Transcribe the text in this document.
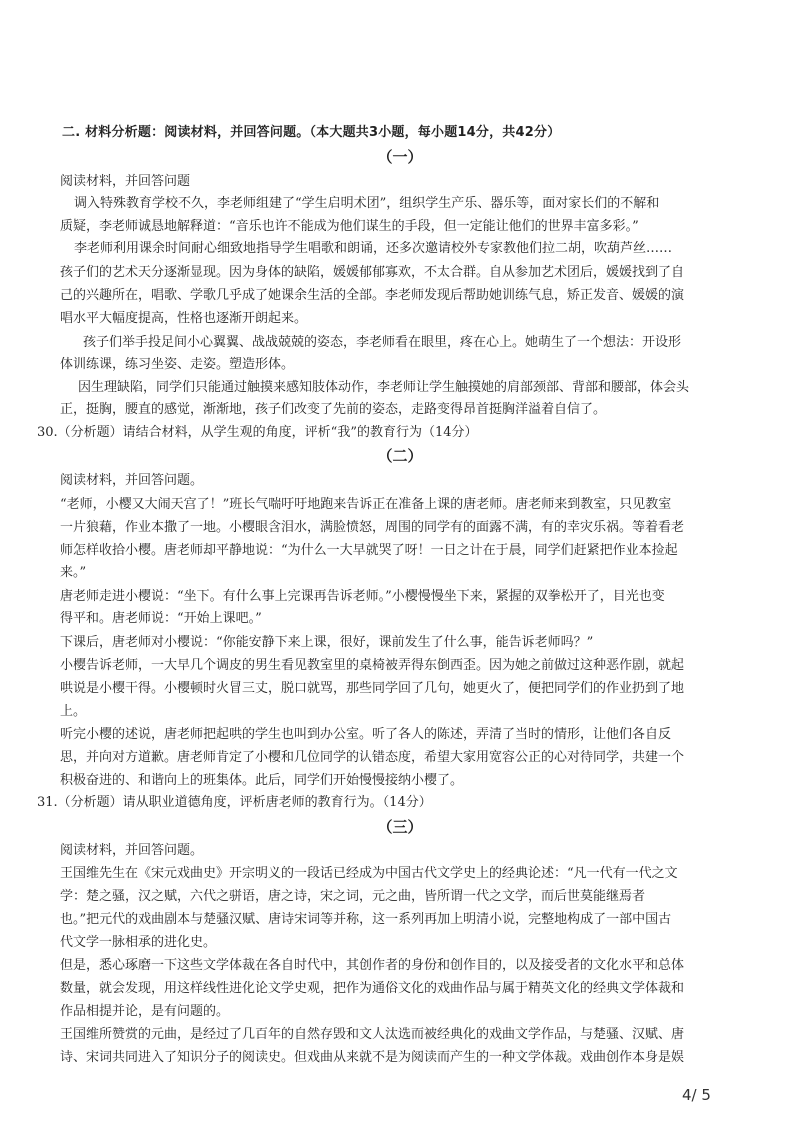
二. 材料分析题：阅读材料，并回答问题。（本大题共3小题，每小题14分，共42分）
（一）
阅读材料，并回答问题
调入特殊教育学校不久，李老师组建了“学生启明术团”，组织学生产乐、器乐等，面对家长们的不解和
质疑，李老师诚恳地解释道：“音乐也许不能成为他们谋生的手段，但一定能让他们的世界丰富多彩。”
李老师利用课余时间耐心细致地指导学生唱歌和朗诵，还多次邀请校外专家教他们拉二胡，吹葫芦丝……
孩子们的艺术天分逐渐显现。因为身体的缺陷，媛媛郁郁寡欢，不太合群。自从参加艺术团后，媛媛找到了自
己的兴趣所在，唱歌、学歌几乎成了她课余生活的全部。李老师发现后帮助她训练气息，矫正发音、媛媛的演
唱水平大幅度提高，性格也逐渐开朗起来。
孩子们举手投足间小心翼翼、战战兢兢的姿态，李老师看在眼里，疼在心上。她萌生了一个想法：开设形
体训练课，练习坐姿、走姿。塑造形体。
因生理缺陷，同学们只能通过触摸来感知肢体动作，李老师让学生触摸她的肩部颈部、背部和腰部，体会头
正，挺胸，腰直的感觉，渐渐地，孩子们改变了先前的姿态，走路变得昂首挺胸洋溢着自信了。
30.（分析题）请结合材料，从学生观的角度，评析“我”的教育行为（14分）
（二）
阅读材料，并回答问题。
“老师，小樱又大闹天宫了！”班长气喘吁吁地跑来告诉正在准备上课的唐老师。唐老师来到教室，只见教室
一片狼藉，作业本撒了一地。小樱眼含泪水，满脸愤怒，周围的同学有的面露不满，有的幸灾乐祸。等着看老
师怎样收拾小樱。唐老师却平静地说：“为什么一大早就哭了呀！一日之计在于晨，同学们赶紧把作业本捡起
来。”
唐老师走进小樱说：“坐下。有什么事上完课再告诉老师。”小樱慢慢坐下来，紧握的双拳松开了，目光也变
得平和。唐老师说：“开始上课吧。”
下课后，唐老师对小樱说：“你能安静下来上课，很好，课前发生了什么事，能告诉老师吗？”
小樱告诉老师，一大早几个调皮的男生看见教室里的桌椅被弄得东倒西歪。因为她之前做过这种恶作剧，就起
哄说是小樱干得。小樱顿时火冒三丈，脱口就骂，那些同学回了几句，她更火了，便把同学们的作业扔到了地
上。
听完小樱的述说，唐老师把起哄的学生也叫到办公室。听了各人的陈述，弄清了当时的情形，让他们各自反
思，并向对方道歉。唐老师肯定了小樱和几位同学的认错态度，希望大家用宽容公正的心对待同学，共建一个
积极奋进的、和谐向上的班集体。此后，同学们开始慢慢接纳小樱了。
31.（分析题）请从职业道德角度，评析唐老师的教育行为。（14分）
（三）
阅读材料，并回答问题。
王国维先生在《宋元戏曲史》开宗明义的一段话已经成为中国古代文学史上的经典论述：“凡一代有一代之文
学：楚之骚，汉之赋，六代之骈语，唐之诗，宋之词，元之曲，皆所谓一代之文学，而后世莫能继焉者
也。”把元代的戏曲剧本与楚骚汉赋、唐诗宋词等并称，这一系列再加上明清小说，完整地构成了一部中国古
代文学一脉相承的进化史。
但是，悉心琢磨一下这些文学体裁在各自时代中，其创作者的身份和创作目的，以及接受者的文化水平和总体
数量，就会发现，用这样线性进化论文学史观，把作为通俗文化的戏曲作品与属于精英文化的经典文学体裁和
作品相提并论，是有问题的。
王国维所赞赏的元曲，是经过了几百年的自然存毁和文人汰选而被经典化的戏曲文学作品，与楚骚、汉赋、唐
诗、宋词共同进入了知识分子的阅读史。但戏曲从来就不是为阅读而产生的一种文学体裁。戏曲创作本身是娱
4/ 5
